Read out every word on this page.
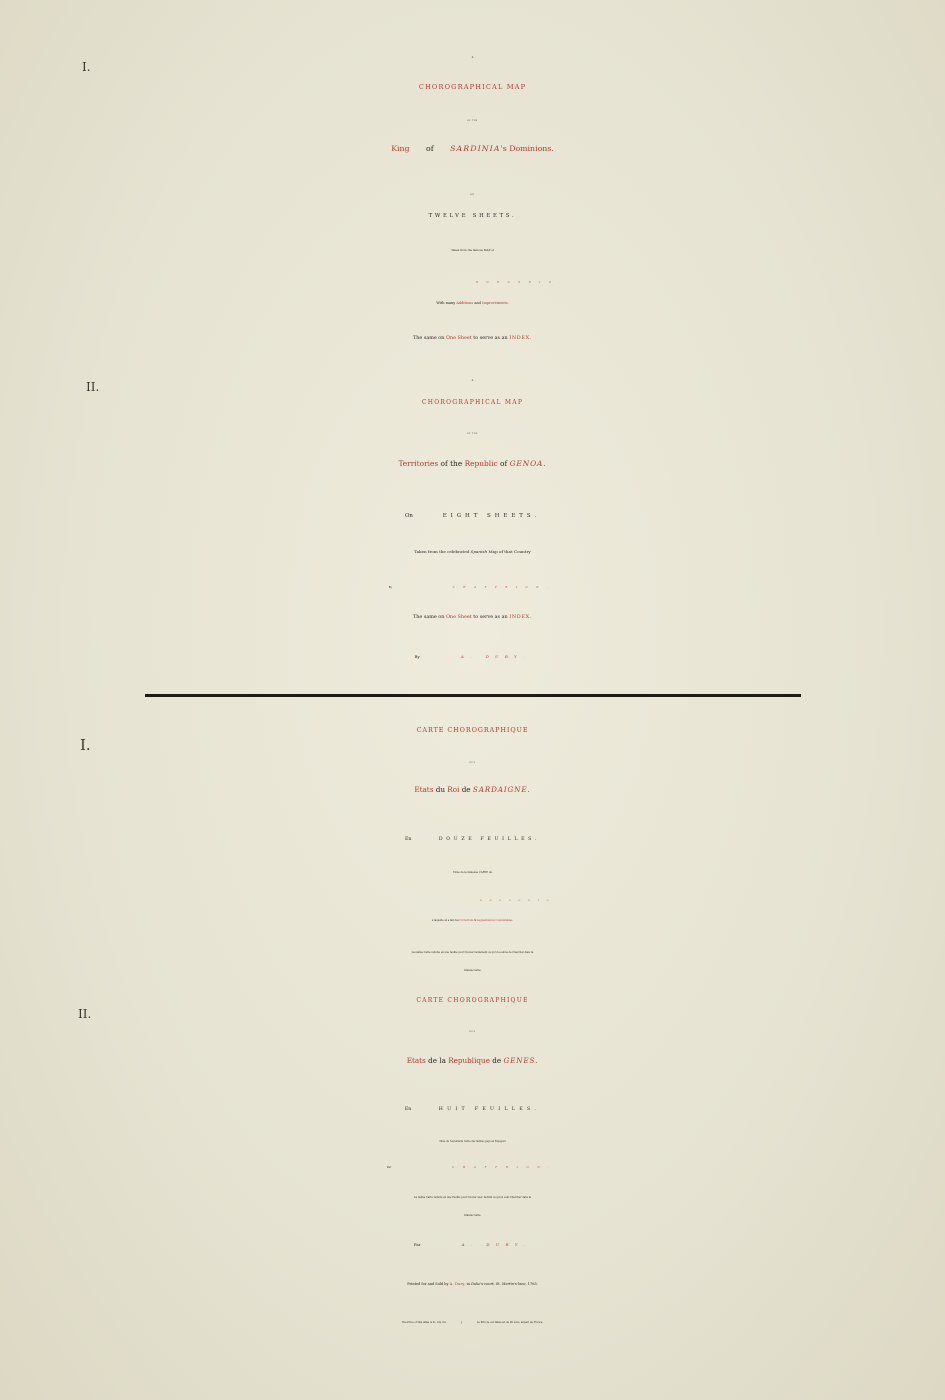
I.
A
CHOROGRAPHICAL MAP
OF THE
King of SARDINIA's Dominions.
ON
TWELVE SHEETS.
Taken from the famous MAP of
BORGONIO.
With many Additions and Improvements.
The same on One Sheet to serve as an INDEX.
II.	A
CHOROGRAPHICAL MAP
OF THE
Territories of the Republic of GENOA.
On	EIGHT SHEETS.
Taken from the celebrated Spanish Map of that Country
By	CHAFFRION.
The same on One Sheet to serve as an INDEX.
By	A. DURY.
I.
CARTE CHOROGRAPHIQUE
DES
Etats du Roi de SARDAIGNE.
En	DOUZE FEUILLES.
Tirée de la fameuse CARTE de
BORGONIO.
à laquelle on a fait des Corrections & Augmentations Considérables.
La même Carte reduite en une feuille pour trouver facilement ce qu'on a envie de Chercher dans la
Grande Carte.
II.
CARTE CHOROGRAPHIQUE
DES
Etats de la Republique de GENES.
En	HUIT FEUILLES.
Tirée de l'excellente Carte des mêmes pays en Espagnol
Par	CHAFFRION.
La même Carte reduite en une Feuille pour trouver avec facilité ce qu'on veut Chercher dans la
Grande Carte.
Par	A. DURY.
Printed for and Sold by A. Dury, in Duke's-court, St. Martin's-lane, 1765.
The Price of this Atlas is 2l. 12s. 6d.	|	Le Prix de cet Atlas est de 20 écus, argent de France.
